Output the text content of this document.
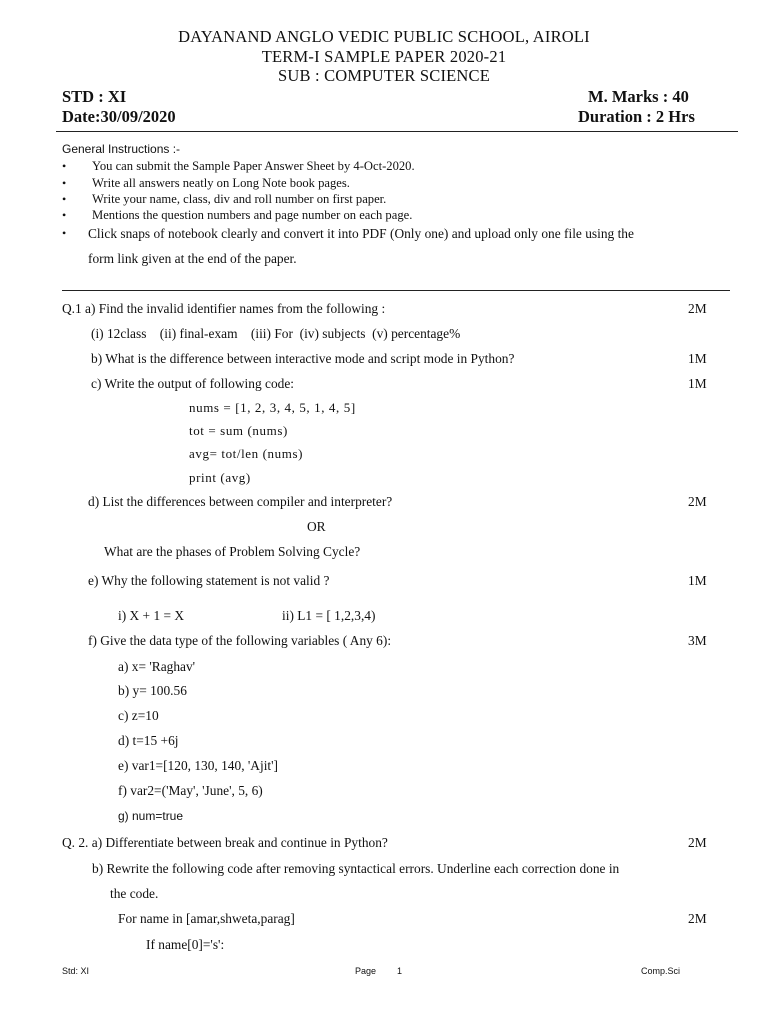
DAYANAND ANGLO VEDIC PUBLIC SCHOOL, AIROLI
TERM-I SAMPLE PAPER 2020-21
SUB : COMPUTER SCIENCE
STD : XI	M. Marks : 40
Date:30/09/2020	Duration : 2 Hrs
General Instructions :-
• You can submit the Sample Paper Answer Sheet by 4-Oct-2020.
• Write all answers neatly on Long Note book pages.
• Write your name, class, div and roll number on first paper.
• Mentions the question numbers and page number on each page.
• Click snaps of notebook clearly and convert it into PDF (Only one) and upload only one file using the
form link given at the end of the paper.
Q.1 a) Find the invalid identifier names from the following :	2M
(i) 12class    (ii) final-exam    (iii) For  (iv) subjects  (v) percentage%
b) What is the difference between interactive mode and script mode in Python?	1M
c) Write the output of following code:	1M
nums = [1, 2, 3, 4, 5, 1, 4, 5]
tot = sum (nums)
avg= tot/len (nums)
print (avg)
d) List the differences between compiler and interpreter?	2M
OR
What are the phases of Problem Solving Cycle?
e) Why the following statement is not valid ?	1M
i) X + 1 = X	ii) L1 = [ 1,2,3,4)
f) Give the data type of the following variables ( Any 6):	3M
a) x= 'Raghav'
b) y= 100.56
c) z=10
d) t=15 +6j
e) var1=[120, 130, 140, 'Ajit']
f) var2=('May', 'June', 5, 6)
g) num=true
Q. 2. a) Differentiate between break and continue in Python?	2M
b) Rewrite the following code after removing syntactical errors. Underline each correction done in
the code.
For name in [amar,shweta,parag]	2M
If name[0]='s':
Std: XI	Page 1	Comp.Sci
